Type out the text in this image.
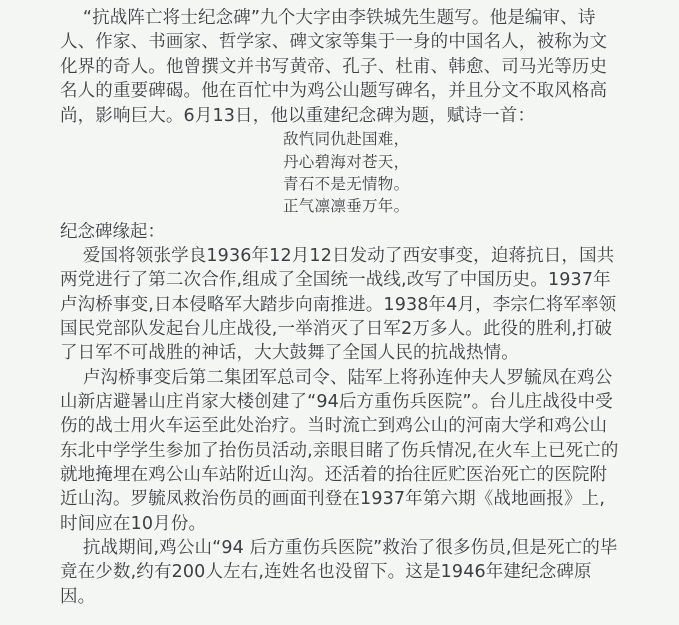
“抗战阵亡将士纪念碑”九个大字由李铁城先生题写。他是编审、诗
人、作家、书画家、哲学家、碑文家等集于一身的中国名人，被称为文
化界的奇人。他曾撰文并书写黄帝、孔子、杜甫、韩愈、司马光等历史
名人的重要碑碣。他在百忙中为鸡公山题写碑名，并且分文不取风格高
尚，影响巨大。6月13日，他以重建纪念碑为题，赋诗一首：
敌忾同仇赴国难，
丹心碧海对苍天，
青石不是无情物。
正气凛凛垂万年。
纪念碑缘起：
爱国将领张学良1936年12月12日发动了西安事变，迫蒋抗日，国共
两党进行了第二次合作,组成了全国统一战线,改写了中国历史。1937年
卢沟桥事变,日本侵略军大踏步向南推进。1938年4月，李宗仁将军率领
国民党部队发起台儿庄战役,一举消灭了日军2万多人。此役的胜利,打破
了日军不可战胜的神话，大大鼓舞了全国人民的抗战热情。
卢沟桥事变后第二集团军总司令、陆军上将孙连仲夫人罗毓凤在鸡公
山新店避暑山庄肖家大楼创建了“94后方重伤兵医院”。台儿庄战役中受
伤的战士用火车运至此处治疗。当时流亡到鸡公山的河南大学和鸡公山
东北中学学生参加了抬伤员活动,亲眼目睹了伤兵情况,在火车上已死亡的
就地掩埋在鸡公山车站附近山沟。还活着的抬往匠贮医治死亡的医院附
近山沟。罗毓凤救治伤员的画面刊登在1937年第六期《战地画报》上,
时间应在10月份。
抗战期间,鸡公山“94 后方重伤兵医院”救治了很多伤员,但是死亡的毕
竟在少数,约有200人左右,连姓名也没留下。这是1946年建纪念碑原
因。
